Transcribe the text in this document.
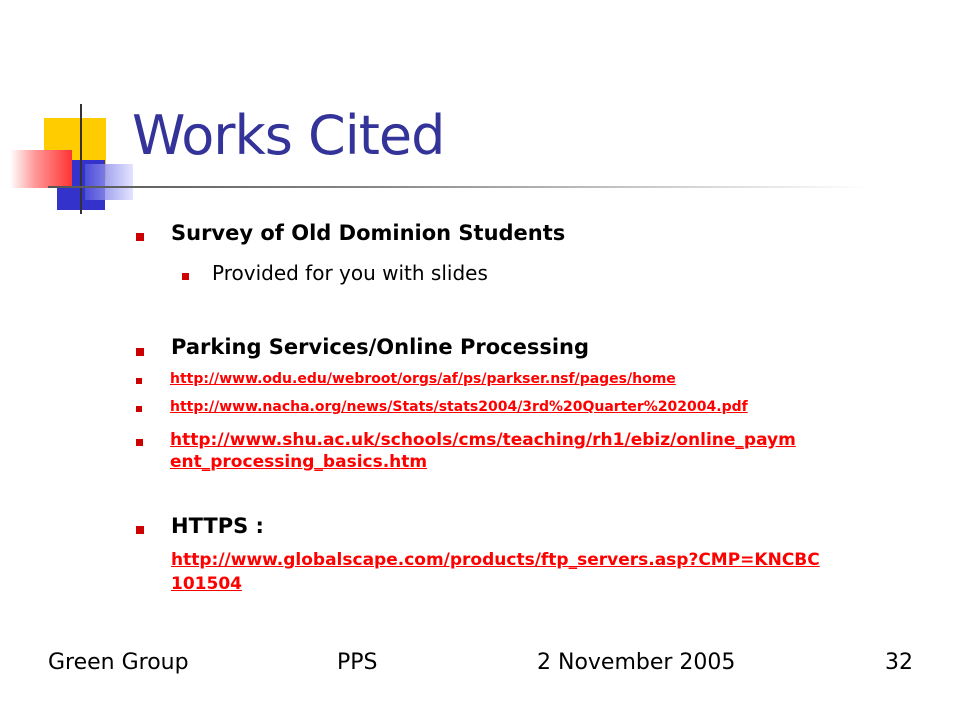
Works Cited
Survey of Old Dominion Students
Provided for you with slides
Parking Services/Online Processing
http://www.odu.edu/webroot/orgs/af/ps/parkser.nsf/pages/home
http://www.nacha.org/news/Stats/stats2004/3rd%20Quarter%202004.pdf
http://www.shu.ac.uk/schools/cms/teaching/rh1/ebiz/online_paym
ent_processing_basics.htm
HTTPS :
http://www.globalscape.com/products/ftp_servers.asp?CMP=KNCBC
101504
Green Group	PPS	2 November 2005	32
